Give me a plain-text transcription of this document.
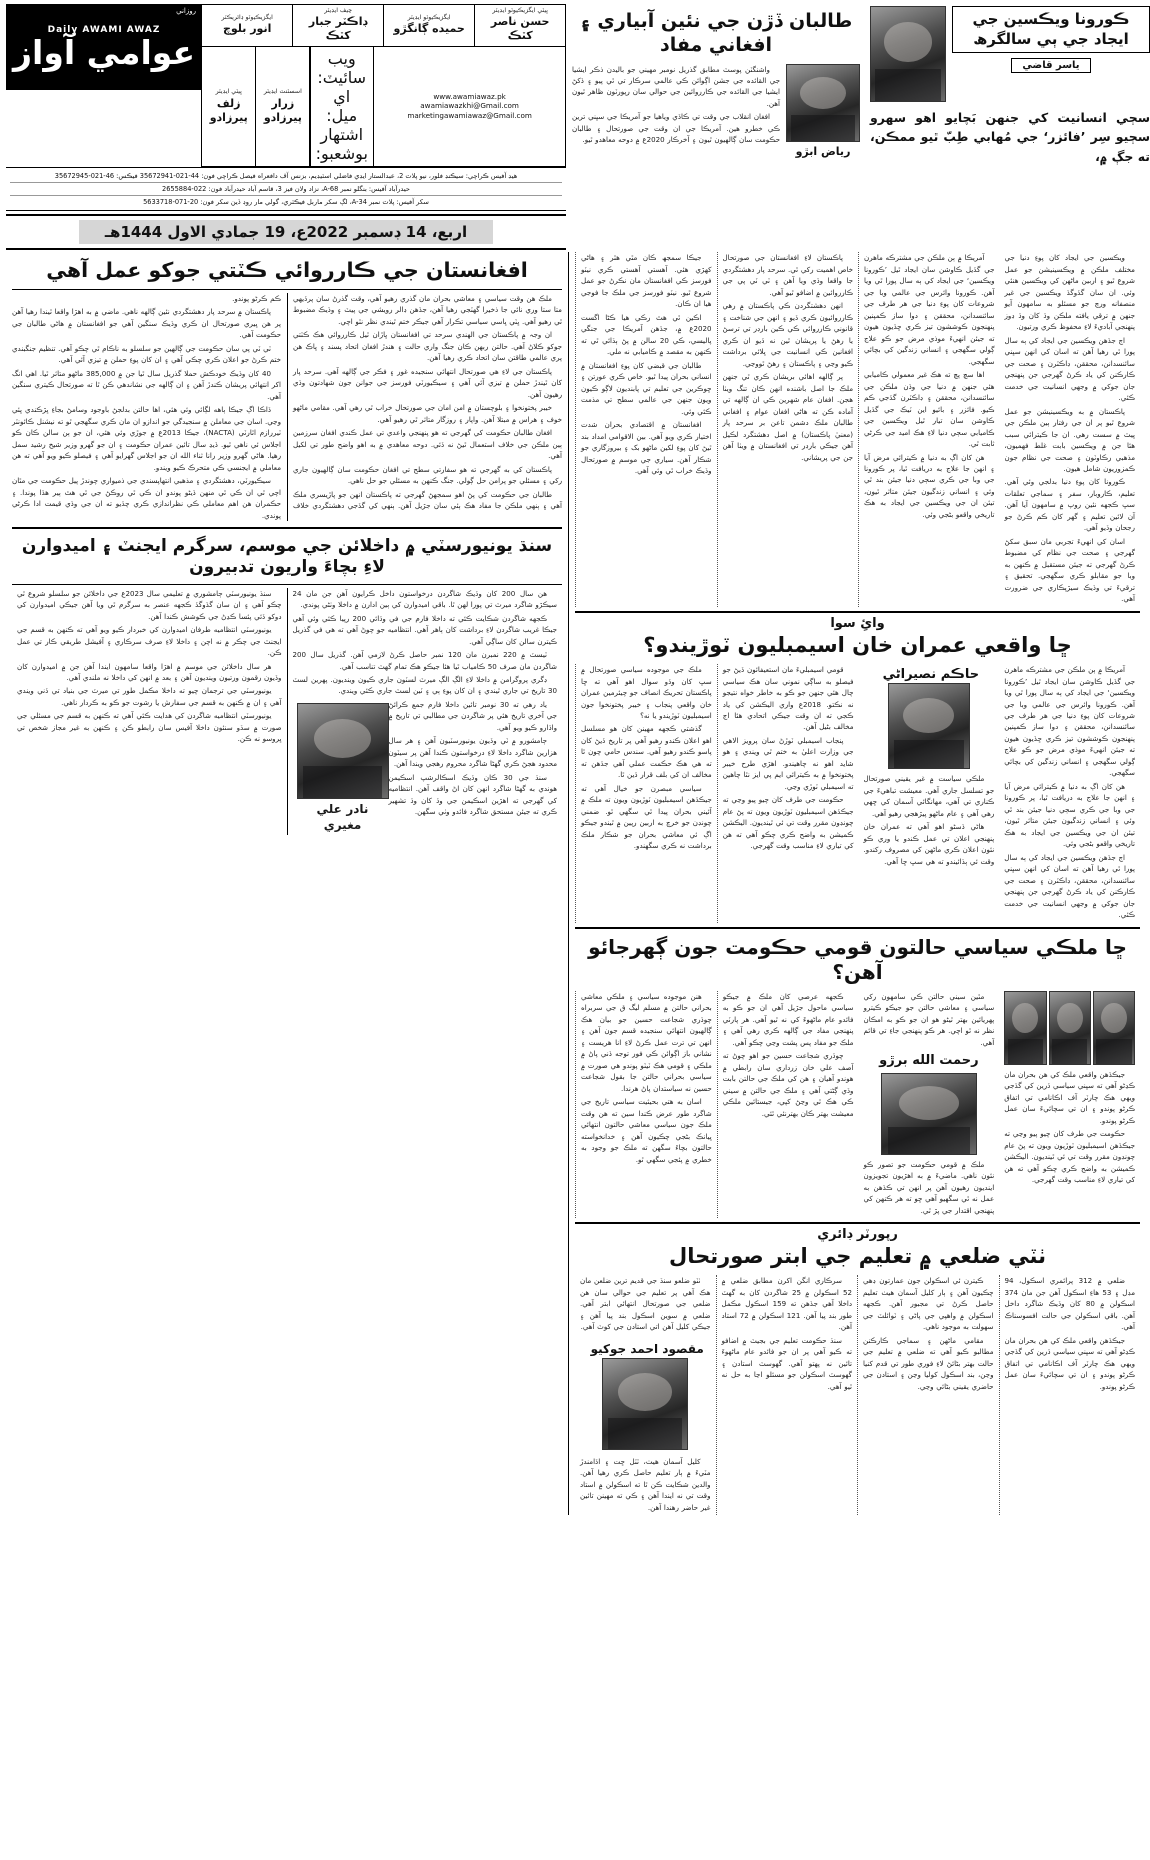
روزاني
Daily AWAMI AWAZ
عوامي آواز
ايگزيڪيوٽو ڊائريڪٽر
انور بلوچ
چيف ايڊيٽر
ڊاڪٽر جبار کٽڪ
ايگزيڪيوٽو ايڊيٽر
حميده ڳانگڙو
ڀيٽي ايگزيڪيوٽو ايڊيٽر
حسن ناصر کٽڪ
ڀيٽي ايڊيٽر
زلف پيرزادو
اسسٽنٽ ايڊيٽر
زرار پيرزادو
ويب سائيٽ:
اي ميل:
اشتهار بوشعبو:
www.awamiawaz.pk
awamiawazkhi@Gmail.com
marketingawamiawaz@Gmail.com
هيڊ آفيس ڪراچي: سيڪنڊ فلور، نيو پلاٽ 2، عبدالستار ايڊي فاضلي اسٽيڊيم، بزنس آف دافعراه فيصل ڪراچي فون: 44-021-35672941 فيڪس: 46-021-35672945
حيدرآباد آفيس: بنگلو نمبر A-68، نزاد ولان فيز 3، قاسم آباد حيدرآباد فون: 022-2655884
سکر آفيس: پلاٽ نمبر A-34، لڳ سکر ماربل فيڪٽري، گولي مار روڊ ڏين سکر فون: 20-071-5633718
اربع، 14 ڊسمبر 2022ع، 19 جمادي الاول 1444هـ
طالبان ڏڙن جي نئين آبياري ۽ افغاني مفاد

واشنگٽن پوسٽ مطابق گذريل نومبر مهيني جو باليدن ذڪر ايشيا جي القائده جي جشن اڳوائن ڪي عالمي سرڪار تي ٿي پيو ۽ ڏکڻ ايشيا جي القائده جي ڪارروائين جي حوالي سان رپورٽون ظاهر ٿيون آهن.

افغان انقلاب جي وقت تي ڪاڏي وياهيا جو آمريڪا جي سڀني ترين ڪي خطرو هين. آمريڪا جي ان وقت جي صورتحال ۽ طالبان حڪومت سان ڳالهيون ٿيون ۽ آخرڪار 2020ع ۾ دوحه معاهدو ٿيو.

رياض ابڙو
ڪورونا ويڪسين جي ايجاد جي ٻي سالگرھ
ياسر قاضي
سڄي انسانيت کي جنهن بَچايو اهو سهرو سڄيو سِر ’فائزر‘ جي مُهابي طِبّ ٿيو ممڪن، ته جڳ ۾،
افغانستان جي ڪارروائي ڪٽتي جوکو عمل آهي

ملڪ هن وقت سياسي ۽ معاشي بحران مان گذري رهيو آهي، وقت گذرڻ سان پرڏيهي متا ستا وري نائي جا ذخيرا گهٽجي رهيا آهن، جڏهن ڊالر رويشي جي پيٽ ۽ وڌيڪ مضبوط ٿي رهيو آهي. ڀٽي ڀاسي سياسي تڪرار آهي جيڪر ختم ٿيندي نظر نٿو اچي.

ان وجہ ۾ پاڪستان جي الهندي سرحد تي افغانستان ڀاڙان ٿيل ڪارروائي هڪ ڪٽتي جوکو ڪلاڻ آهي. حالتن ربهن ڪان جنگ واري حالت ۽ هندڙ افغان اتحاد پسند ۽ ڀاڪ هن پري عالمي طاقتن سان اتحاد ڪري رهيا آهن.

پاڪستان جي لاءِ هي صورتحال انتهائي سنجيده غور ۽ فڪر جي ڳالهه آهي. سرحد پار کان ٿيندڙ حملن ۾ تيزي آئي آهي ۽ سيڪيورٽي فورسز جي جوانن جون شهادتون وڌي رهيون آهن.

خيبر پختونخوا ۽ بلوچستان ۾ امن امان جي صورتحال خراب ٿي رهي آهي. مقامي ماڻهو خوف ۽ هراس ۾ مبتلا آهن. واپار ۽ روزگار متاثر ٿي رهيو آهي.

افغان طالبان حڪومت کي گهرجي ته هو پنهنجي واعدي تي عمل ڪندي افغان سرزمين ٻين ملڪن جي خلاف استعمال ٿيڻ نه ڏئي. دوحه معاهدي ۾ به اهو واضح طور تي لکيل آهي.

پاڪستان کي به گهرجي ته هو سفارتي سطح تي افغان حڪومت سان ڳالهيون جاري رکي ۽ مسئلي جو پرامن حل ڳولي. جنگ ڪنهن به مسئلي جو حل ناهي.

طالبان جي حڪومت کي پڻ اهو سمجهڻ گهرجي ته پاڪستان انهن جو پاڙيسري ملڪ آهي ۽ ٻنهي ملڪن جا مفاد هڪ ٻئي سان جڙيل آهن. ٻنهي کي گڏجي دهشتگردي خلاف ڪم ڪرڻو پوندو.

پاڪستان ۾ سرحد پار دهشتگردي نئين ڳالهه ناهي. ماضي ۾ به اهڙا واقعا ٿيندا رهيا آهن پر هن ڀيري صورتحال ان ڪري وڌيڪ سنگين آهي جو افغانستان ۾ هاڻي طالبان جي حڪومت آهي.

ٽي ٽي پي سان حڪومت جي ڳالهين جو سلسلو به ناڪام ٿي چڪو آهي. تنظيم جنگبندي ختم ڪرڻ جو اعلان ڪري چڪي آهي ۽ ان کان پوءِ حملن ۾ تيزي آئي آهي.

40 کان وڌيڪ خودڪش حملا گذريل سال ٿيا جن ۾ 385,000 ماڻهو متاثر ٿيا. اهي انگ اکر انتهائي پريشان ڪندڙ آهن ۽ ان ڳالهه جي نشاندهي ڪن ٿا ته صورتحال ڪيتري سنگين آهي.

ڏاڪا اڳ جيڪا ٻاهه لڳائي وئي هئي، اها حالتن بدلجڻ باوجود وسامڻ بجاءِ ڀڙڪندي ڀئي وڃي. اسان جي معاملن ۾ سنجيدگي جو اندازو ان مان ڪري سگهجي ٿو ته نيشنل ڪائونٽر ٽيررازم اٿارٽي (NACTA)، جيڪا 2013ع ۾ جوڙي وئي هئي، ان جو ٻن سالن ڪان ڪو اجلاس ئي ناهي ٿيو. ڏيڍ سال تائين عمران حڪومت ۽ ان جو گهرو وزير شيخ رشيد سمل رهيا. هاڻي گهرو وزير رانا ثناء الله ان جو اجلاس گهرايو آهي ۽ فيصلو ڪيو ويو آهي ته هن معاملي ۾ ايجنسي ڪي متحرڪ ڪيو ويندو.

سيڪيورٽي، دهشتگردي ۽ مذهبي انتهاپسندي جي ذميواري چوندڙ پيل حڪومت جي مٿان اچي ٿي ان ڪي ٿي منهن ڏيڻو پوندو ان ڪي ٿي روڪڻ جي ٿي هٿ ٻير هڏا پوندا. ۽ حڪمران هن اهم معاملي ڪي نظراندازي ڪري چڏيو ته ان جي وڏي قيمت ادا ڪرڻي پوندي.

سنڌ يونيورسٽي ۾ داخلائن جي موسم، سرگرم ايجنٽ ۽ اميدوارن لاءِ بچاءَ واريون تدبيرون

سنڌ يونيورسٽي ڄامشوري ۾ تعليمي سال 2023ع جي داخلائن جو سلسلو شروع ٿي چڪو آهي ۽ ان سان گڏوگڏ ڪجهه عنصر به سرگرم ٿي ويا آهن جيڪي اميدوارن کي دوکو ڏئي پئسا ڪڍڻ جي ڪوشش ڪندا آهن.

يونيورسٽي انتظاميه طرفان اميدوارن کي خبردار ڪيو ويو آهي ته ڪنهن به قسم جي ايجنٽ جي چڪر ۾ نه اچن ۽ داخلا لاءِ صرف سرڪاري ۽ آفيشل طريقي ڪار تي عمل ڪن.

هر سال داخلائن جي موسم ۾ اهڙا واقعا سامهون ايندا آهن جن ۾ اميدوارن کان وڏيون رقمون ورتيون وينديون آهن ۽ بعد ۾ انهن کي داخلا نه ملندي آهي.

يونيورسٽي جي ترجمان چيو ته داخلا مڪمل طور تي ميرٽ جي بنياد تي ڏني ويندي آهي ۽ ان ۾ ڪنهن به قسم جي سفارش يا رشوت جو ڪو به ڪردار ناهي.

يونيورسٽي انتظاميه شاگردن کي هدايت ڪئي آهي ته ڪنهن به قسم جي مسئلي جي صورت ۾ سڌو سنئون داخلا آفيس سان رابطو ڪن ۽ ڪنهن به غير مجاز شخص تي ڀروسو نه ڪن.

هن سال 200 کان وڌيڪ شاگردن درخواستون داخل ڪرايون آهن جن مان 24 سيڪڙو شاگرد ميرٽ تي پورا لهن ٿا. باقي اميدوارن کي ٻين ادارن ۾ داخلا وٺڻي پوندي.

ڪجهه شاگردن شڪايت ڪئي ته داخلا فارم جي في وڌائي 200 رپيا ڪئي وئي آهي جيڪا غريب شاگردن لاءِ برداشت کان ٻاهر آهي. انتظاميه جو چوڻ آهي ته هي في گذريل ڪيترن سالن کان ساڳي آهي.

ٽيسٽ ۾ 220 نمبرن مان 120 نمبر حاصل ڪرڻ لازمي آهن. گذريل سال 200 شاگردن مان صرف 50 ڪامياب ٿيا هئا جيڪو هڪ تمام گهٽ تناسب آهي.

ڊگري پروگرامن ۾ داخلا لاءِ الڳ الڳ ميرٽ لسٽون جاري ڪيون وينديون. پهرين لسٽ 30 تاريخ تي جاري ٿيندي ۽ ان کان پوءِ ٻي ۽ ٽين لسٽ جاري ڪئي ويندي.

نادر علي مغيري

ياد رهي ته 30 نومبر تائين داخلا فارم جمع ڪرائڻ جي آخري تاريخ هئي پر شاگردن جي مطالبي تي تاريخ ۾ واڌارو ڪيو ويو آهي.

ڄامشورو ۾ ٽي وڏيون يونيورسٽيون آهن ۽ هر سال هزارين شاگرد داخلا لاءِ درخواستون ڪندا آهن پر سيٽون محدود هجڻ ڪري گهڻا شاگرد محروم رهجي ويندا آهن.

سنڌ جي 30 ڪان وڌيڪ اسڪالرشپ اسڪيمن هوندي به گهڻا شاگرد انهن کان اڻ واقف آهن. انتظاميه کي گهرجي ته اهڙين اسڪيمن جي وڌ کان وڌ تشهير ڪري ته جيئن مستحق شاگرد فائدو وٺي سگهن.

جيڪا سمجھ ڪان مٿي هٿر ۽ هاڻي کهڙي هئي. آهستي آهستي ڪري نيٽو فورسز ڪي افغانستان مان نڪرڻ جو عمل شروع ٿيو. نيٽو فورسز جي ملڪ جا فوجي هيا ان ڪان.

اڪين ٿي هٿ رڪي هيا ڪڻا اگست 2020ع ۾، جڏهن آمريڪا جي جنگي پاليسي، ڪي 20 سالن ۾ پڻ ٻڌائي ٿي ته ڪنهن به مقصد ۾ ڪاميابي نه ملي.

طالبان جي قبضي کان پوءِ افغانستان ۾ انساني بحران پيدا ٿيو. خاص ڪري عورتن ۽ ڇوڪرين جي تعليم تي پابنديون لاڳو ڪيون ويون جنهن جي عالمي سطح تي مذمت ڪئي وئي.

افغانستان ۾ اقتصادي بحران شدت اختيار ڪري ويو آهي. بين الاقوامي امداد بند ٿيڻ کان پوءِ لکين ماڻهو بک ۽ بيروزگاري جو شڪار آهن. سياري جي موسم ۾ صورتحال وڌيڪ خراب ٿي وئي آهي.

پاڪستان لاءِ افغانستان جي صورتحال خاص اهميت رکي ٿي. سرحد پار دهشتگردي جا واقعا وڌي ويا آهن ۽ ٽي ٽي پي جي ڪارروائين ۾ اضافو ٿيو آهي.

انهن دهشتگردن ڪي پاڪستان ۾ رهي ڪارروائيون ڪري ڏيو ۽ انهن جي شناخت ۽ قانوني ڪارروائي ڪي ڪين بارڊر تي ترسڻ يا رهڻ يا پريشان ٿين نه ڏيو ان ڪري افغانين ڪي انسانيت جي ڀلائي برداشت ڪيو وڃي ۽ پاڪستان ۽ رهڻ ٿووڃي.

پر ڳالهه اهائي بريشان ڪري ٿي جنهن ملڪ جا اصل باشنده انهن ڪان تنگ ويٺا هجن. افغان عام شهرين ڪي ان ڳالهه تي آماده ڪن ته هاڻي افغان عوام ۽ افغاني طالبان ملڪ دشمن تاعن بر سرحد پار (معنيٰ پاڪستان) ۾ اصل دهشتگرد لڪيل آهن جيڪي بارڊر تي افغانستان ۾ ويٺا آهن جن جي پريشاني.

آمريڪا ۾ ٻن ملڪن جي مشترڪه ماهرن جي گڏيل ڪاوشن سان ايجاد ٿيل ’ڪورونا ويڪسين‘ جي ايجاد کي ٻه سال پورا ٿي ويا آهن. ڪورونا وائرس جي عالمي وبا جي شروعات کان پوءِ دنيا جي هر طرف جي سائنسدانن، محققن ۽ دوا ساز ڪمپنين پنهنجون ڪوششون تيز ڪري ڇڏيون هيون ته جيئن انهيءَ موذي مرض جو ڪو علاج ڳولي سگهجي ۽ انساني زندگين کي بچائي سگهجي.

اها سچ پچ ته هڪ غير معمولي ڪاميابي هئي جنهن ۾ دنيا جي وڏن ملڪن جي سائنسدانن، محققن ۽ ڊاڪٽرن گڏجي ڪم ڪيو. فائزر ۽ بائيو اين ٽيڪ جي گڏيل ڪاوشن سان تيار ٿيل ويڪسين جي ڪاميابي سڄي دنيا لاءِ هڪ اميد جي ڪرڻي ثابت ٿي.

هن کان اڳ به دنيا ۾ ڪيترائي مرض آيا ۽ انهن جا علاج به دريافت ٿيا، پر ڪورونا جي وبا جي ڪري سڄي دنيا جيئن بند ٿي وئي ۽ انساني زندگيون جيئن متاثر ٿيون، تيئن ان جي ويڪسين جي ايجاد به هڪ تاريخي واقعو بڻجي وئي.

ويڪسين جي ايجاد کان پوءِ دنيا جي مختلف ملڪن ۾ ويڪسينيشن جو عمل شروع ٿيو ۽ اربين ماڻهن کي ويڪسين هنئي وئي. ان سان گڏوگڏ ويڪسين جي غير منصفانه ورڇ جو مسئلو به سامهون آيو جنهن ۾ ترقي يافته ملڪن وڌ کان وڌ ڊوز پنهنجي آباديءَ لاءِ محفوظ ڪري ورتيون.

اڄ جڏهن ويڪسين جي ايجاد کي ٻه سال پورا ٿي رهيا آهن ته اسان کي انهن سڀني سائنسدانن، محققن، ڊاڪٽرن ۽ صحت جي ڪارڪنن کي ياد ڪرڻ گهرجي جن پنهنجي جان جوکي ۾ وجهي انسانيت جي خدمت ڪئي.

پاڪستان ۾ به ويڪسينيشن جو عمل شروع ٿيو پر ان جي رفتار ٻين ملڪن جي ڀيٽ ۾ سست رهي. ان جا ڪيترائي سبب هئا جن ۾ ويڪسين بابت غلط فهميون، مذهبي رڪاوٽون ۽ صحت جي نظام جون ڪمزوريون شامل هيون.

ڪورونا کان پوءِ دنيا بدلجي وئي آهي. تعليم، ڪاروبار، سفر ۽ سماجي تعلقات سڀ ڪجهه نئين روپ ۾ سامهون آيا آهن. آن لائين تعليم ۽ گهر کان ڪم ڪرڻ جو رجحان وڌيو آهي.

اسان کي انهيءَ تجربي مان سبق سکڻ گهرجي ۽ صحت جي نظام کي مضبوط ڪرڻ گهرجي ته جيئن مستقبل ۾ ڪنهن به وبا جو مقابلو ڪري سگهجي. تحقيق ۽ ترقيءَ تي وڌيڪ سيڙپڪاري جي ضرورت آهي.

وائِ سوا
ڇا واقعي عمران خان اسيمبليون ٽوڙيندو؟

ملڪ جي موجوده سياسي صورتحال ۾ سڀ کان وڏو سوال اهو آهي ته ڇا پاڪستان تحريڪ انصاف جو چيئرمين عمران خان واقعي پنجاب ۽ خيبر پختونخوا جون اسيمبليون ٽوڙيندو يا نه؟

گذشتي ڪجهه مهينن کان هو مسلسل اهو اعلان ڪندو رهيو آهي پر تاريخ ڏيڻ کان پاسو ڪندو رهيو آهي. سندس حامي چون ٿا ته هي هڪ حڪمت عملي آهي جڏهن ته مخالف ان کي بلف قرار ڏين ٿا.

سياسي مبصرن جو خيال آهي ته جيڪڏهن اسيمبليون ٽوڙيون ويون ته ملڪ ۾ آئيني بحران پيدا ٿي سگهي ٿو. ضمني چونڊن جو خرچ به اربين رپين ۾ ٿيندو جيڪو اڳ ئي معاشي بحران جو شڪار ملڪ برداشت نه ڪري سگهندو.

قومي اسيمبليءَ مان استعيفائون ڏيڻ جو فيصلو به ساڳي نموني سان هڪ سياسي چال هئي جنهن جو ڪو به خاطر خواه نتيجو نه نڪتو. 2018ع واري اليڪشن کي ياد ڪجي ته ان وقت جيڪي اتحادي هئا اڄ مخالف بڻيل آهن.

پنجاب اسيمبلي ٽوڙڻ سان پرويز الاهي جي وزارت اعليٰ به ختم ٿي ويندي ۽ هو شايد اهو نه چاهيندو. اهڙي طرح خيبر پختونخوا ۾ به ڪيترائي ايم پي ايز نٿا چاهين ته اسيمبلي ٽوڙي وڃي.

حڪومت جي طرف کان چيو پيو وڃي ته جيڪڏهن اسيمبليون ٽوڙيون ويون ته پڻ عام چونڊون مقرر وقت تي ئي ٿينديون. اليڪشن ڪميشن به واضح ڪري چڪو آهي ته هن کي تياري لاءِ مناسب وقت گهرجي.

حاڪم نصيراڻي

ملڪي سياست ۾ غير يقيني صورتحال جو تسلسل جاري آهي. معيشت تباهيءَ جي ڪناري تي آهي، مهانگائي آسمان کي ڇهي رهي آهي ۽ عام ماڻهو پيڙهجي رهيو آهي.

هاڻي ڏسڻو اهو آهي ته عمران خان پنهنجي اعلان تي عمل ڪندو يا وري ڪو نئون اعلان ڪري ماڻهن کي مصروف رکندو. وقت ئي ٻڌائيندو ته هي سڀ ڇا آهي.

آمريڪا ۾ ٻن ملڪن جي مشترڪه ماهرن جي گڏيل ڪاوشن سان ايجاد ٿيل ’ڪورونا ويڪسين‘ جي ايجاد کي ٻه سال پورا ٿي ويا آهن. ڪورونا وائرس جي عالمي وبا جي شروعات کان پوءِ دنيا جي هر طرف جي سائنسدانن، محققن ۽ دوا ساز ڪمپنين پنهنجون ڪوششون تيز ڪري ڇڏيون هيون ته جيئن انهيءَ موذي مرض جو ڪو علاج ڳولي سگهجي ۽ انساني زندگين کي بچائي سگهجي.

هن کان اڳ به دنيا ۾ ڪيترائي مرض آيا ۽ انهن جا علاج به دريافت ٿيا، پر ڪورونا جي وبا جي ڪري سڄي دنيا جيئن بند ٿي وئي ۽ انساني زندگيون جيئن متاثر ٿيون، تيئن ان جي ويڪسين جي ايجاد به هڪ تاريخي واقعو بڻجي وئي.

اڄ جڏهن ويڪسين جي ايجاد کي ٻه سال پورا ٿي رهيا آهن ته اسان کي انهن سڀني سائنسدانن، محققن، ڊاڪٽرن ۽ صحت جي ڪارڪنن کي ياد ڪرڻ گهرجي جن پنهنجي جان جوکي ۾ وجهي انسانيت جي خدمت ڪئي.

ڇا ملڪي سياسي حالتون قومي حڪومت جون ڳهرجائو آهن؟

هنن موجوده سياسي ۽ ملڪي معاشي بحراني حالتن ۾ مسلم ليگ ق جي سربراه چوڌري شجاعت حسين جو بيان هڪ ڳالهيون انتهائي سنجيده قسم جون آهن ۽ انهن تي ترت عمل ڪرڻ لاءِ انا هريست ۽ نشاني باز اڳوائن ڪي فور توجه ڏني پاڻ ۾ ملڪي ۽ قومي هڪ ٽيٽو پوندو هي صورت ۾ سياسي بحراني حالتن جا بقول شجاعت حسين نه سياستدان پاڻ هرندا.

اسان به هتي بحيثيت سياسي تاريخ جي شاگرد طور عرض ڪندا سين ته هن وقت ملڪ جون سياسي معاشي حالتون انتهائي ڀيانڪ بڻجي چڪيون آهن ۽ خدانخواسته حالتون بچاءَ سگهن ته ملڪ جو وجود به خطري ۾ پئجي سگهي ٿو.

ڪجهه عرصي کان ملڪ ۾ جيڪو سياسي ماحول جڙيل آهي ان جو ڪو به فائدو عام ماڻهوءَ کي نه ٿيو آهي. هر پارٽي پنهنجي مفاد جي ڳالهه ڪري رهي آهي ۽ ملڪ جو مفاد پس پشت وڃي چڪو آهي.

چوڌري شجاعت حسين جو اهو چوڻ ته آصف علي خان زرداري سان رابطي ۾ هوندو آهيان ۽ هن کي ملڪ جي حالتن بابت وڌي ڳڻتي آهي ۽ ملڪ جي حالتن ۾ سيني ڪي هڪ ٿي وڃڻ کپي، جيستائين ملڪي معيشت بهتر ڪان بهترنئي ٿئي.

مٿين سيني حالتن ڪي سامهون رکي سياسي ۽ معاشي حالتن جو جيڪو ڪيترو پهريائين بهتر ٿيڻو هو ان جو ڪو به امڪان نظر نه ٿو اچي. هر ڪو پنهنجي جاءِ تي قائم آهي.

رحمت الله برڙو

ملڪ ۾ قومي حڪومت جو تصور ڪو نئون ناهي. ماضيءَ ۾ به اهڙيون تجويزون اينديون رهيون آهن پر انهن تي ڪڏهن به عمل نه ٿي سگهيو آهي ڇو ته هر ڪنهن کي پنهنجي اقتدار جي پڙ ٿي.

جيڪڏهن واقعي ملڪ کي هن بحران مان ڪڍڻو آهي ته سڀني سياسي ڌرين کي گڏجي ويهي هڪ چارٽر آف اڪانامي تي اتفاق ڪرڻو پوندو ۽ ان تي سچائيءَ سان عمل ڪرڻو پوندو.

حڪومت جي طرف کان چيو پيو وڃي ته جيڪڏهن اسيمبليون ٽوڙيون ويون ته پڻ عام چونڊون مقرر وقت تي ئي ٿينديون. اليڪشن ڪميشن به واضح ڪري چڪو آهي ته هن کي تياري لاءِ مناسب وقت گهرجي.

رپورٽر ڊائري
ٺٽي ضلعي ۾ تعليم جي ابتر صورتحال

ٺٽو ضلعو سنڌ جي قديم ترين ضلعن مان هڪ آهي پر تعليم جي حوالي سان هن ضلعي جي صورتحال انتهائي ابتر آهي. ضلعي ۾ سوين اسڪول بند پيا آهن ۽ جيڪي کليل آهن اتي استادن جي کوٽ آهي.

مقصود احمد جوکيو

کليل آسمان هيٺ، ٽٽل ڇت ۽ اڏامندڙ مٽيءَ ۾ ٻار تعليم حاصل ڪري رهيا آهن. والدين شڪايت ڪن ٿا ته اسڪولن ۾ استاد وقت تي نه ايندا آهن ۽ ڪي ته مهينن تائين غير حاضر رهندا آهن.

سرڪاري انگن اکرن مطابق ضلعي ۾ 52 اسڪولن ۾ 25 شاگردن کان به گهٽ داخلا آهي جڏهن ته 159 اسڪول مڪمل طور بند پيا آهن. 121 اسڪولن ۾ 72 استاد آهن.

سنڌ حڪومت تعليم جي بجيٽ ۾ اضافو ته ڪيو آهي پر ان جو فائدو عام ماڻهوءَ تائين نه پهتو آهي. گهوسٽ استادن ۽ گهوسٽ اسڪولن جو مسئلو اڃا به حل نه ٿيو آهي.

ڪيترن ئي اسڪولن جون عمارتون ڊهي چڪيون آهن ۽ ٻار کليل آسمان هيٺ تعليم حاصل ڪرڻ تي مجبور آهن. ڪجهه اسڪولن ۾ واهپي جي پاڻي ۽ ٽوائلٽ جي سهولت به موجود ناهي.

مقامي ماڻهن ۽ سماجي ڪارڪنن مطالبو ڪيو آهي ته ضلعي ۾ تعليم جي حالت بهتر بڻائڻ لاءِ فوري طور تي قدم کنيا وڃن، بند اسڪول کوليا وڃن ۽ استادن جي حاضري يقيني بڻائي وڃي.

ضلعي ۾ 312 پرائمري اسڪول، 94 مڊل ۽ 53 هاءِ اسڪول آهن جن مان 374 اسڪولن ۾ 80 کان وڌيڪ شاگرد داخل آهن. باقي اسڪولن جي حالت افسوسناڪ آهي.

جيڪڏهن واقعي ملڪ کي هن بحران مان ڪڍڻو آهي ته سڀني سياسي ڌرين کي گڏجي ويهي هڪ چارٽر آف اڪانامي تي اتفاق ڪرڻو پوندو ۽ ان تي سچائيءَ سان عمل ڪرڻو پوندو.
